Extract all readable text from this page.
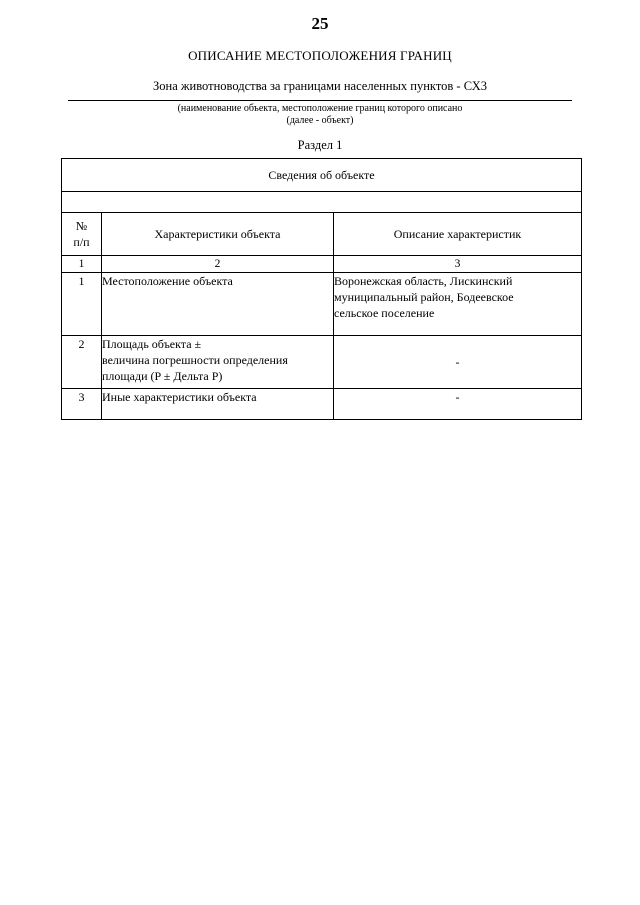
25
ОПИСАНИЕ МЕСТОПОЛОЖЕНИЯ ГРАНИЦ
Зона животноводства за границами населенных пунктов - СХ3
(наименование объекта, местоположение границ которого описано
(далее - объект)
Раздел 1
Сведения об объекте		

№
п/п	Характеристики объекта	Описание характеристик
1	2	3
1	Местоположение объекта	Воронежская область, Лискинский
муниципальный район, Бодеевское
сельское поселение

2	Площадь объекта ±
величина погрешности определения
площади (P ± Дельта P)	-

3	Иные характеристики объекта	-
